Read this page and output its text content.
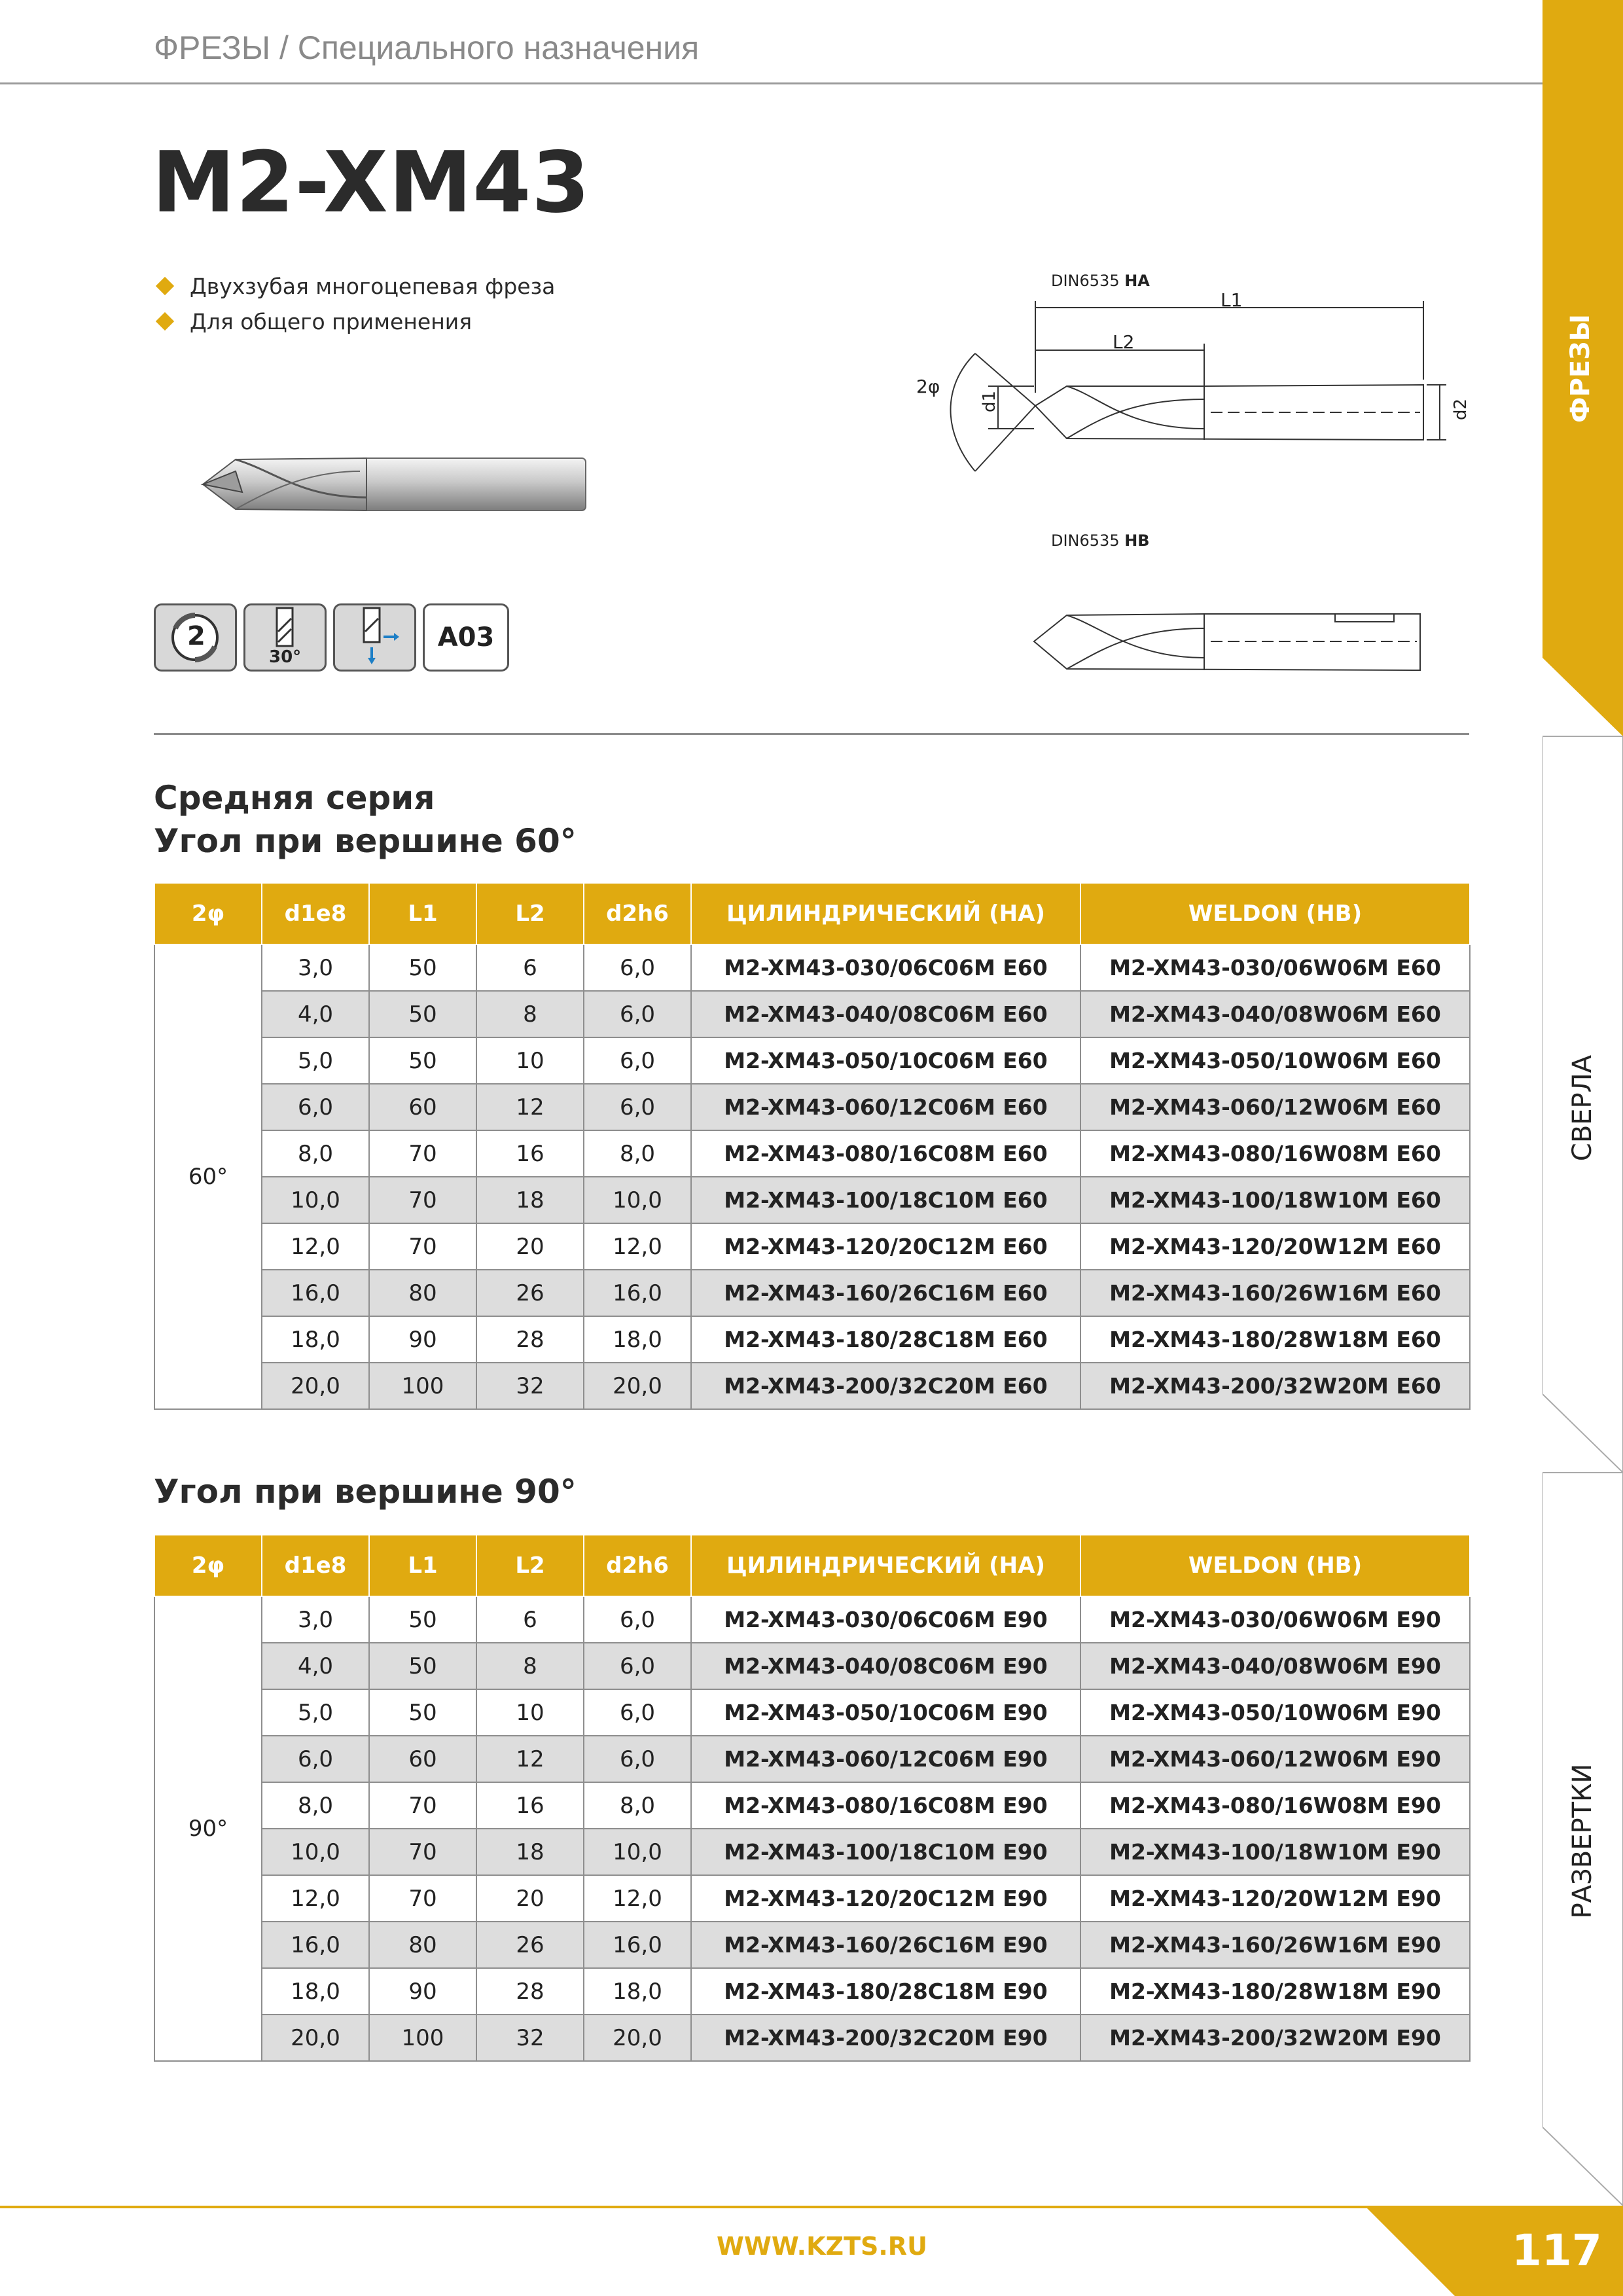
ФРЕЗЫ / Специального назначения
M2-XM43
Двухзубая многоцепевая фреза
Для общего применения
DIN6535 HA
L1
L2
2φ
d1	d2
DIN6535 HB
2
30°
A03
Средняя серия
Угол при вершине 60°
2φ	d1e8	L1	L2	d2h6	ЦИЛИНДРИЧЕСКИЙ (HA)	WELDON (HB)
60°	3,0	50	6	6,0	M2-XM43-030/06C06M E60	M2-XM43-030/06W06M E60
	4,0	50	8	6,0	M2-XM43-040/08C06M E60	M2-XM43-040/08W06M E60
	5,0	50	10	6,0	M2-XM43-050/10C06M E60	M2-XM43-050/10W06M E60
	6,0	60	12	6,0	M2-XM43-060/12C06M E60	M2-XM43-060/12W06M E60
	8,0	70	16	8,0	M2-XM43-080/16C08M E60	M2-XM43-080/16W08M E60
	10,0	70	18	10,0	M2-XM43-100/18C10M E60	M2-XM43-100/18W10M E60
	12,0	70	20	12,0	M2-XM43-120/20C12M E60	M2-XM43-120/20W12M E60
	16,0	80	26	16,0	M2-XM43-160/26C16M E60	M2-XM43-160/26W16M E60
	18,0	90	28	18,0	M2-XM43-180/28C18M E60	M2-XM43-180/28W18M E60
	20,0	100	32	20,0	M2-XM43-200/32C20M E60	M2-XM43-200/32W20M E60
Угол при вершине 90°
2φ	d1e8	L1	L2	d2h6	ЦИЛИНДРИЧЕСКИЙ (HA)	WELDON (HB)
90°	3,0	50	6	6,0	M2-XM43-030/06C06M E90	M2-XM43-030/06W06M E90
	4,0	50	8	6,0	M2-XM43-040/08C06M E90	M2-XM43-040/08W06M E90
	5,0	50	10	6,0	M2-XM43-050/10C06M E90	M2-XM43-050/10W06M E90
	6,0	60	12	6,0	M2-XM43-060/12C06M E90	M2-XM43-060/12W06M E90
	8,0	70	16	8,0	M2-XM43-080/16C08M E90	M2-XM43-080/16W08M E90
	10,0	70	18	10,0	M2-XM43-100/18C10M E90	M2-XM43-100/18W10M E90
	12,0	70	20	12,0	M2-XM43-120/20C12M E90	M2-XM43-120/20W12M E90
	16,0	80	26	16,0	M2-XM43-160/26C16M E90	M2-XM43-160/26W16M E90
	18,0	90	28	18,0	M2-XM43-180/28C18M E90	M2-XM43-180/28W18M E90
	20,0	100	32	20,0	M2-XM43-200/32C20M E90	M2-XM43-200/32W20M E90
ФРЕЗЫ
СВЕРЛА
РАЗВЕРТКИ
WWW.KZTS.RU	117
